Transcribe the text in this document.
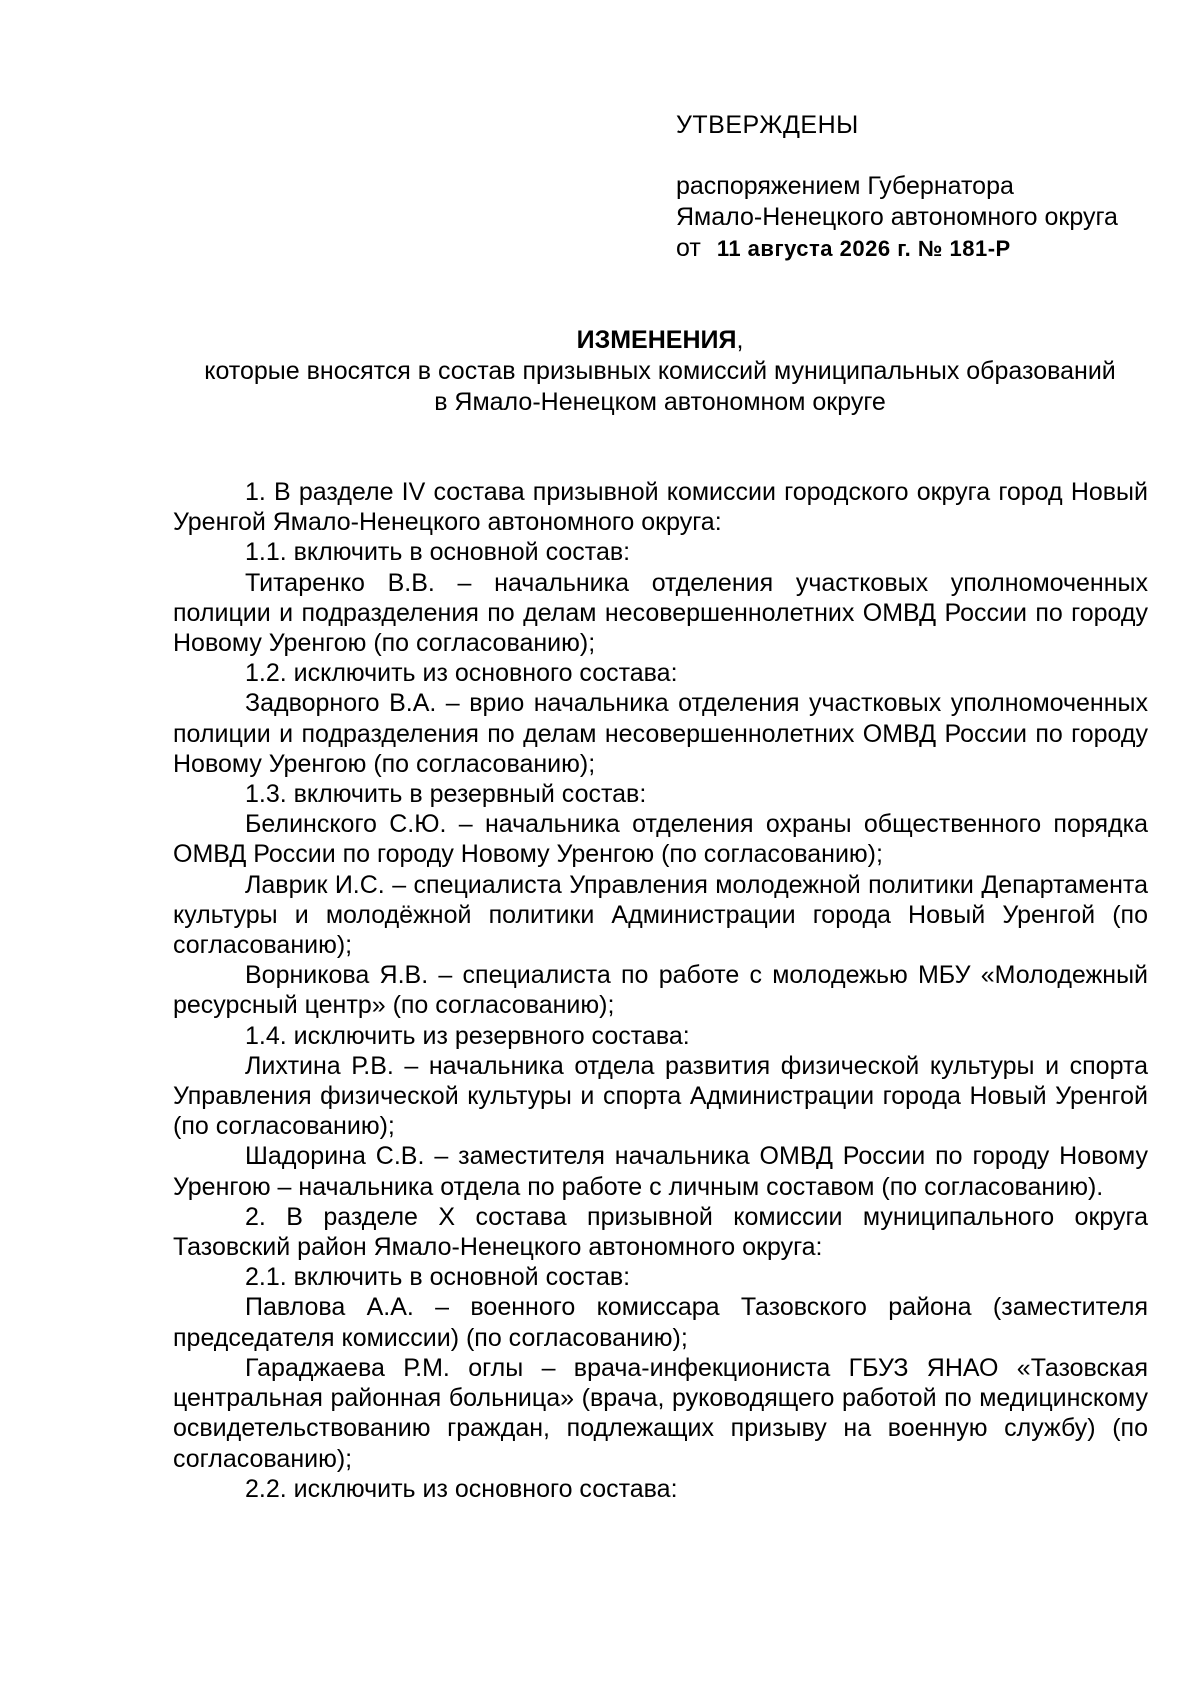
УТВЕРЖДЕНЫ
распоряжением Губернатора
Ямало-Ненецкого автономного округа
от 11 августа 2026 г. № 181-Р
ИЗМЕНЕНИЯ,
которые вносятся в состав призывных комиссий муниципальных образований
в Ямало-Ненецком автономном округе

1. В разделе IV состава призывной комиссии городского округа город Новый Уренгой Ямало-Ненецкого автономного округа:

1.1. включить в основной состав:

Титаренко В.В. – начальника отделения участковых уполномоченных полиции и подразделения по делам несовершеннолетних ОМВД России по городу Новому Уренгою (по согласованию);

1.2. исключить из основного состава:

Задворного В.А. – врио начальника отделения участковых уполномоченных полиции и подразделения по делам несовершеннолетних ОМВД России по городу Новому Уренгою (по согласованию);

1.3. включить в резервный состав:

Белинского С.Ю. – начальника отделения охраны общественного порядка ОМВД России по городу Новому Уренгою (по согласованию);

Лаврик И.С. – специалиста Управления молодежной политики Департамента культуры и молодёжной политики Администрации города Новый Уренгой (по согласованию);

Ворникова Я.В. – специалиста по работе с молодежью МБУ «Молодежный ресурсный центр» (по согласованию);

1.4. исключить из резервного состава:

Лихтина Р.В. – начальника отдела развития физической культуры и спорта Управления физической культуры и спорта Администрации города Новый Уренгой (по согласованию);

Шадорина С.В. – заместителя начальника ОМВД России по городу Новому Уренгою – начальника отдела по работе с личным составом (по согласованию).

2. В разделе X состава призывной комиссии муниципального округа Тазовский район Ямало-Ненецкого автономного округа:

2.1. включить в основной состав:

Павлова А.А. – военного комиссара Тазовского района (заместителя председателя комиссии) (по согласованию);

Гараджаева Р.М. оглы – врача-инфекциониста ГБУЗ ЯНАО «Тазовская центральная районная больница» (врача, руководящего работой по медицинскому освидетельствованию граждан, подлежащих призыву на военную службу) (по согласованию);

2.2. исключить из основного состава:
